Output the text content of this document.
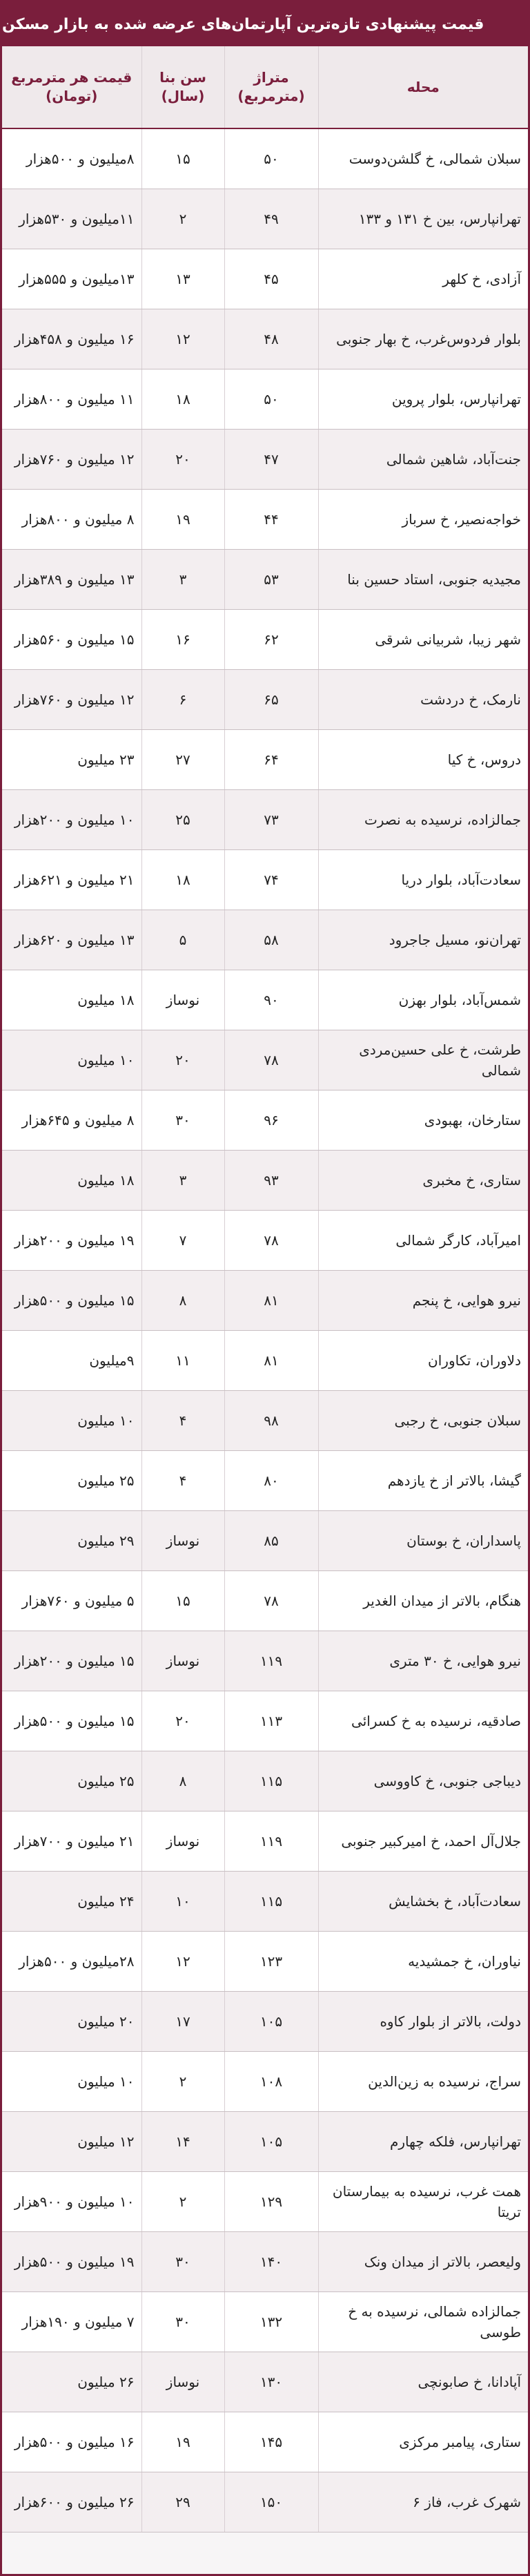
قیمت پیشنهادی تازه‌ترین آپارتمان‌های عرضه شده به بازار مسکن
محله	متراژ (مترمربع)	سن بنا (سال)	قیمت هر مترمربع (تومان)
سبلان شمالی، خ گلشن‌دوست	۵۰	۱۵	۸میلیون و ۵۰۰هزار
تهرانپارس، بین خ ۱۳۱ و ۱۳۳	۴۹	۲	۱۱میلیون و ۵۳۰هزار
آزادی، خ کلهر	۴۵	۱۳	۱۳میلیون و ۵۵۵هزار
بلوار فردوس‌غرب، خ بهار جنوبی	۴۸	۱۲	۱۶ میلیون و ۴۵۸هزار
تهرانپارس، بلوار پروین	۵۰	۱۸	۱۱ میلیون و ۸۰۰هزار
جنت‌آباد، شاهین شمالی	۴۷	۲۰	۱۲ میلیون و ۷۶۰هزار
خواجه‌نصیر، خ سرباز	۴۴	۱۹	۸ میلیون و ۸۰۰هزار
مجیدیه جنوبی، استاد حسین بنا	۵۳	۳	۱۳ میلیون و ۳۸۹هزار
شهر زیبا، شربیانی شرقی	۶۲	۱۶	۱۵ میلیون و ۵۶۰هزار
نارمک، خ دردشت	۶۵	۶	۱۲ میلیون و ۷۶۰هزار
دروس، خ کیا	۶۴	۲۷	۲۳ میلیون
جمالزاده، نرسیده به نصرت	۷۳	۲۵	۱۰ میلیون و ۲۰۰هزار
سعادت‌آباد، بلوار دریا	۷۴	۱۸	۲۱ میلیون و ۶۲۱هزار
تهران‌نو، مسیل جاجرود	۵۸	۵	۱۳ میلیون و ۶۲۰هزار
شمس‌آباد، بلوار بهزن	۹۰	نوساز	۱۸ میلیون
طرشت، خ علی حسین‌مردی شمالی	۷۸	۲۰	۱۰ میلیون
ستارخان، بهبودی	۹۶	۳۰	۸ میلیون و ۶۴۵هزار
ستاری، خ مخبری	۹۳	۳	۱۸ میلیون
امیرآباد، کارگر شمالی	۷۸	۷	۱۹ میلیون و ۲۰۰هزار
نیرو هوایی، خ پنجم	۸۱	۸	۱۵ میلیون و ۵۰۰هزار
دلاوران، تکاوران	۸۱	۱۱	۹میلیون
سبلان جنوبی، خ رجبی	۹۸	۴	۱۰ میلیون
گیشا، بالاتر از خ یازدهم	۸۰	۴	۲۵ میلیون
پاسداران، خ بوستان	۸۵	نوساز	۲۹ میلیون
هنگام، بالاتر از میدان الغدیر	۷۸	۱۵	۵ میلیون و ۷۶۰هزار
نیرو هوایی، خ ۳۰ متری	۱۱۹	نوساز	۱۵ میلیون و ۲۰۰هزار
صادقیه، نرسیده به خ کسرائی	۱۱۳	۲۰	۱۵ میلیون و ۵۰۰هزار
دیباجی جنوبی، خ کاووسی	۱۱۵	۸	۲۵ میلیون
جلال‌آل احمد، خ امیرکبیر جنوبی	۱۱۹	نوساز	۲۱ میلیون و ۷۰۰هزار
سعادت‌آباد، خ بخشایش	۱۱۵	۱۰	۲۴ میلیون
نیاوران، خ جمشیدیه	۱۲۳	۱۲	۲۸میلیون و ۵۰۰هزار
دولت، بالاتر از بلوار کاوه	۱۰۵	۱۷	۲۰ میلیون
سراج، نرسیده به زین‌الدین	۱۰۸	۲	۱۰ میلیون
تهرانپارس، فلکه چهارم	۱۰۵	۱۴	۱۲ میلیون
همت غرب، نرسیده به بیمارستان تریتا	۱۲۹	۲	۱۰ میلیون و ۹۰۰هزار
ولیعصر، بالاتر از میدان ونک	۱۴۰	۳۰	۱۹ میلیون و ۵۰۰هزار
جمالزاده شمالی، نرسیده به خ طوسی	۱۳۲	۳۰	۷ میلیون و ۱۹۰هزار
آپادانا، خ صابونچی	۱۳۰	نوساز	۲۶ میلیون
ستاری، پیامبر مرکزی	۱۴۵	۱۹	۱۶ میلیون و ۵۰۰هزار
شهرک غرب، فاز ۶	۱۵۰	۲۹	۲۶ میلیون و ۶۰۰هزار
